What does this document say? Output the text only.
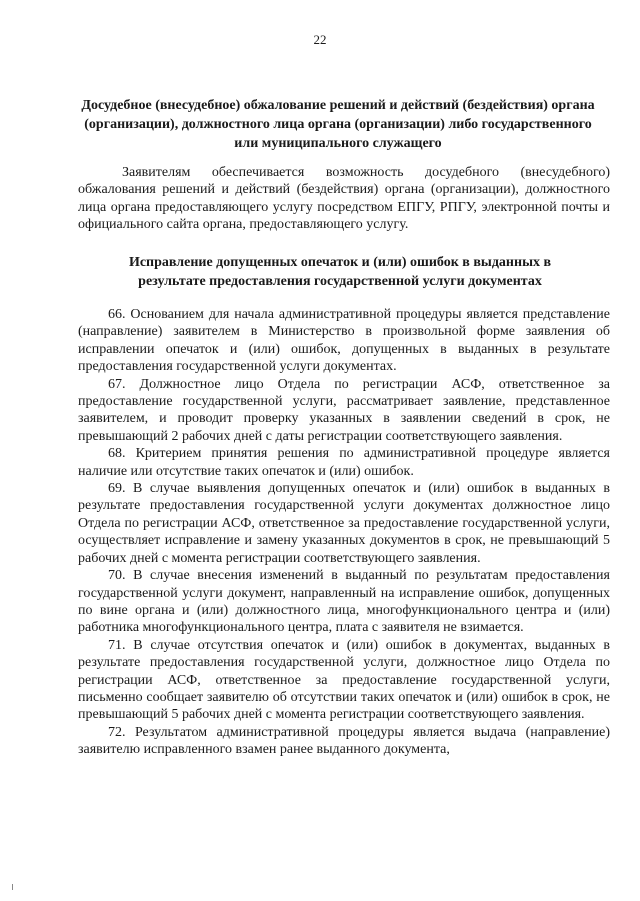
22
Досудебное (внесудебное) обжалование решений и действий (бездействия) органа (организации), должностного лица органа (организации) либо государственного или муниципального служащего

Заявителям обеспечивается возможность досудебного (внесудебного) обжалования решений и действий (бездействия) органа (организации), должностного лица органа предоставляющего услугу посредством ЕПГУ, РПГУ, электронной почты и официального сайта органа, предоставляющего услугу.

Исправление допущенных опечаток и (или) ошибок в выданных в результате предоставления государственной услуги документах

66. Основанием для начала административной процедуры является представление (направление) заявителем в Министерство в произвольной форме заявления об исправлении опечаток и (или) ошибок, допущенных в выданных в результате предоставления государственной услуги документах.

67. Должностное лицо Отдела по регистрации АСФ, ответственное за предоставление государственной услуги, рассматривает заявление, представленное заявителем, и проводит проверку указанных в заявлении сведений в срок, не превышающий 2 рабочих дней с даты регистрации соответствующего заявления.

68. Критерием принятия решения по административной процедуре является наличие или отсутствие таких опечаток и (или) ошибок.

69. В случае выявления допущенных опечаток и (или) ошибок в выданных в результате предоставления государственной услуги документах должностное лицо Отдела по регистрации АСФ, ответственное за предоставление государственной услуги, осуществляет исправление и замену указанных документов в срок, не превышающий 5 рабочих дней с момента регистрации соответствующего заявления.

70. В случае внесения изменений в выданный по результатам предоставления государственной услуги документ, направленный на исправление ошибок, допущенных по вине органа и (или) должностного лица, многофункционального центра и (или) работника многофункционального центра, плата с заявителя не взимается.

71. В случае отсутствия опечаток и (или) ошибок в документах, выданных в результате предоставления государственной услуги, должностное лицо Отдела по регистрации АСФ, ответственное за предоставление государственной услуги, письменно сообщает заявителю об отсутствии таких опечаток и (или) ошибок в срок, не превышающий 5 рабочих дней с момента регистрации соответствующего заявления.

72. Результатом административной процедуры является выдача (направление) заявителю исправленного взамен ранее выданного документа,
